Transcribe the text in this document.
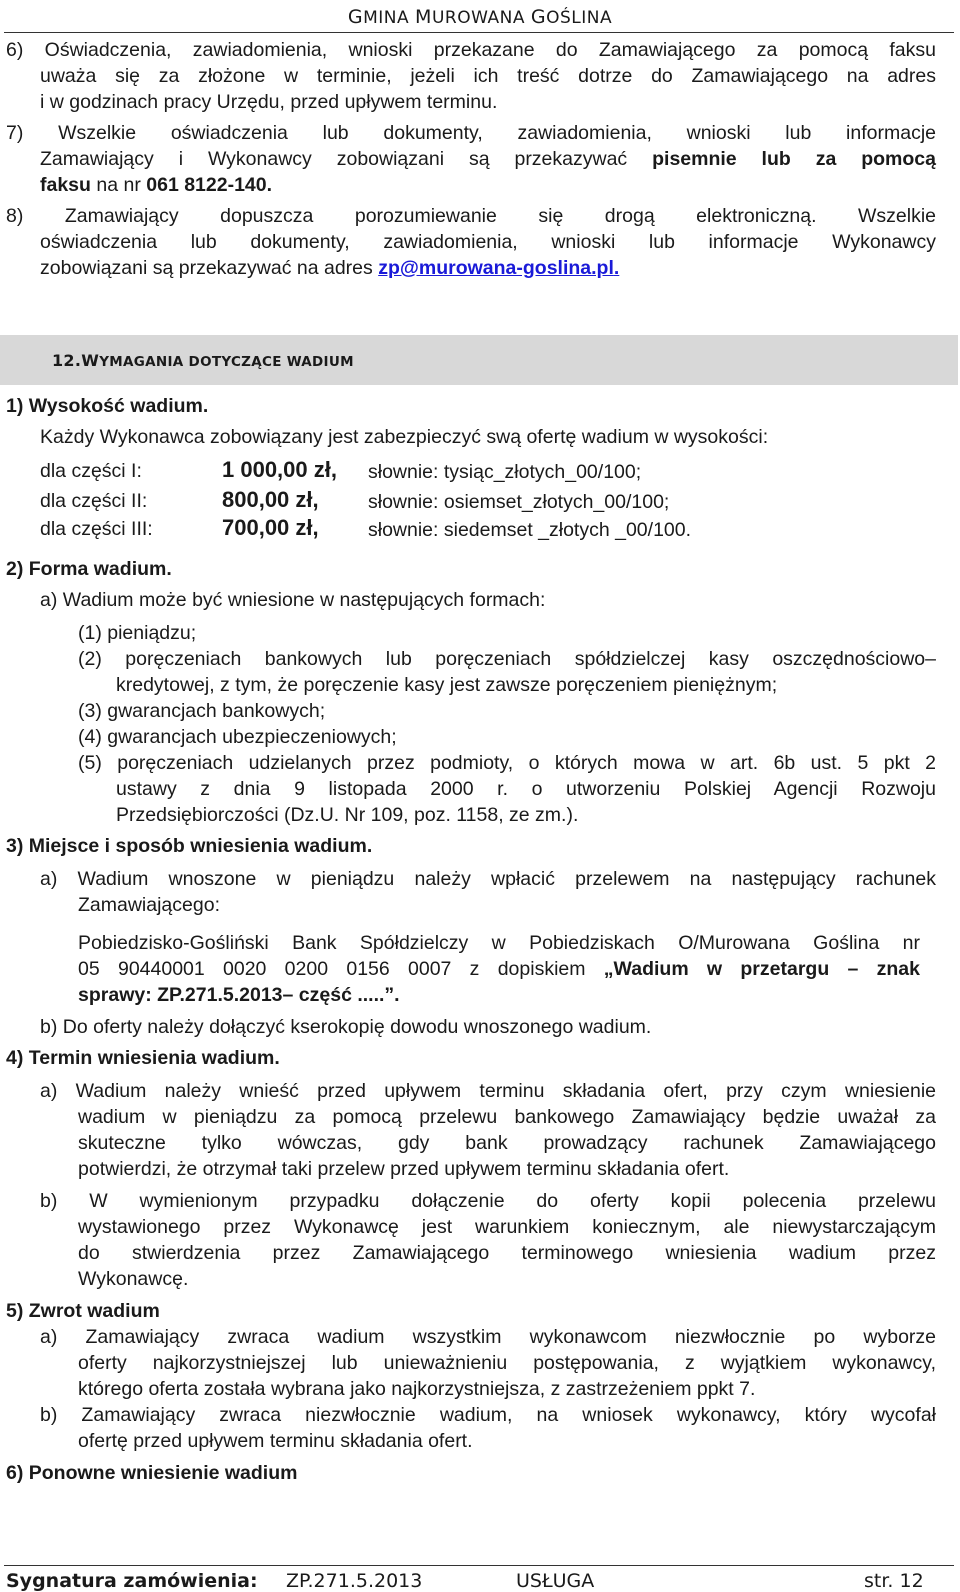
GMINA MUROWANA GOŚLINA
6) Oświadczenia, zawiadomienia, wnioski przekazane do Zamawiającego za pomocą faksu
uważa się za złożone w terminie, jeżeli ich treść dotrze do Zamawiającego na adres
i w godzinach pracy Urzędu, przed upływem terminu.
7) Wszelkie oświadczenia lub dokumenty, zawiadomienia, wnioski lub informacje
Zamawiający i Wykonawcy zobowiązani są przekazywać pisemnie lub za pomocą
faksu na nr 061 8122-140.
8) Zamawiający dopuszcza porozumiewanie się drogą elektroniczną. Wszelkie
oświadczenia lub dokumenty, zawiadomienia, wnioski lub informacje Wykonawcy
zobowiązani są przekazywać na adres zp@murowana-goslina.pl.
12.WYMAGANIA DOTYCZĄCE WADIUM
1) Wysokość wadium.
Każdy Wykonawca zobowiązany jest zabezpieczyć swą ofertę wadium w wysokości:
dla części I:	1 000,00 zł, słownie: tysiąc_złotych_00/100;
dla części II:	800,00 zł,	słownie: osiemset_złotych_00/100;
dla części III:	700,00 zł,	słownie: siedemset _złotych _00/100.
2) Forma wadium.
a) Wadium może być wniesione w następujących formach:
(1) pieniądzu;
(2) poręczeniach bankowych lub poręczeniach spółdzielczej kasy oszczędnościowo–
kredytowej, z tym, że poręczenie kasy jest zawsze poręczeniem pieniężnym;
(3) gwarancjach bankowych;
(4) gwarancjach ubezpieczeniowych;
(5) poręczeniach udzielanych przez podmioty, o których mowa w art. 6b ust. 5 pkt 2
ustawy z dnia 9 listopada 2000 r. o utworzeniu Polskiej Agencji Rozwoju
Przedsiębiorczości (Dz.U. Nr 109, poz. 1158, ze zm.).
3) Miejsce i sposób wniesienia wadium.
a) Wadium wnoszone w pieniądzu należy wpłacić przelewem na następujący rachunek
Zamawiającego:
Pobiedzisko-Gośliński Bank Spółdzielczy w Pobiedziskach O/Murowana Goślina nr
05 90440001 0020 0200 0156 0007 z dopiskiem „Wadium w przetargu – znak
sprawy: ZP.271.5.2013– część .....”.
b) Do oferty należy dołączyć kserokopię dowodu wnoszonego wadium.
4) Termin wniesienia wadium.
a) Wadium należy wnieść przed upływem terminu składania ofert, przy czym wniesienie
wadium w pieniądzu za pomocą przelewu bankowego Zamawiający będzie uważał za
skuteczne tylko wówczas, gdy bank prowadzący rachunek Zamawiającego
potwierdzi, że otrzymał taki przelew przed upływem terminu składania ofert.
b) W wymienionym przypadku dołączenie do oferty kopii polecenia przelewu
wystawionego przez Wykonawcę jest warunkiem koniecznym, ale niewystarczającym
do stwierdzenia przez Zamawiającego terminowego wniesienia wadium przez
Wykonawcę.
5) Zwrot wadium
a) Zamawiający zwraca wadium wszystkim wykonawcom niezwłocznie po wyborze
oferty najkorzystniejszej lub unieważnieniu postępowania, z wyjątkiem wykonawcy,
którego oferta została wybrana jako najkorzystniejsza, z zastrzeżeniem ppkt 7.
b) Zamawiający zwraca niezwłocznie wadium, na wniosek wykonawcy, który wycofał
ofertę przed upływem terminu składania ofert.
6) Ponowne wniesienie wadium
Sygnatura zamówienia: ZP.271.5.2013	USŁUGA	str. 12
